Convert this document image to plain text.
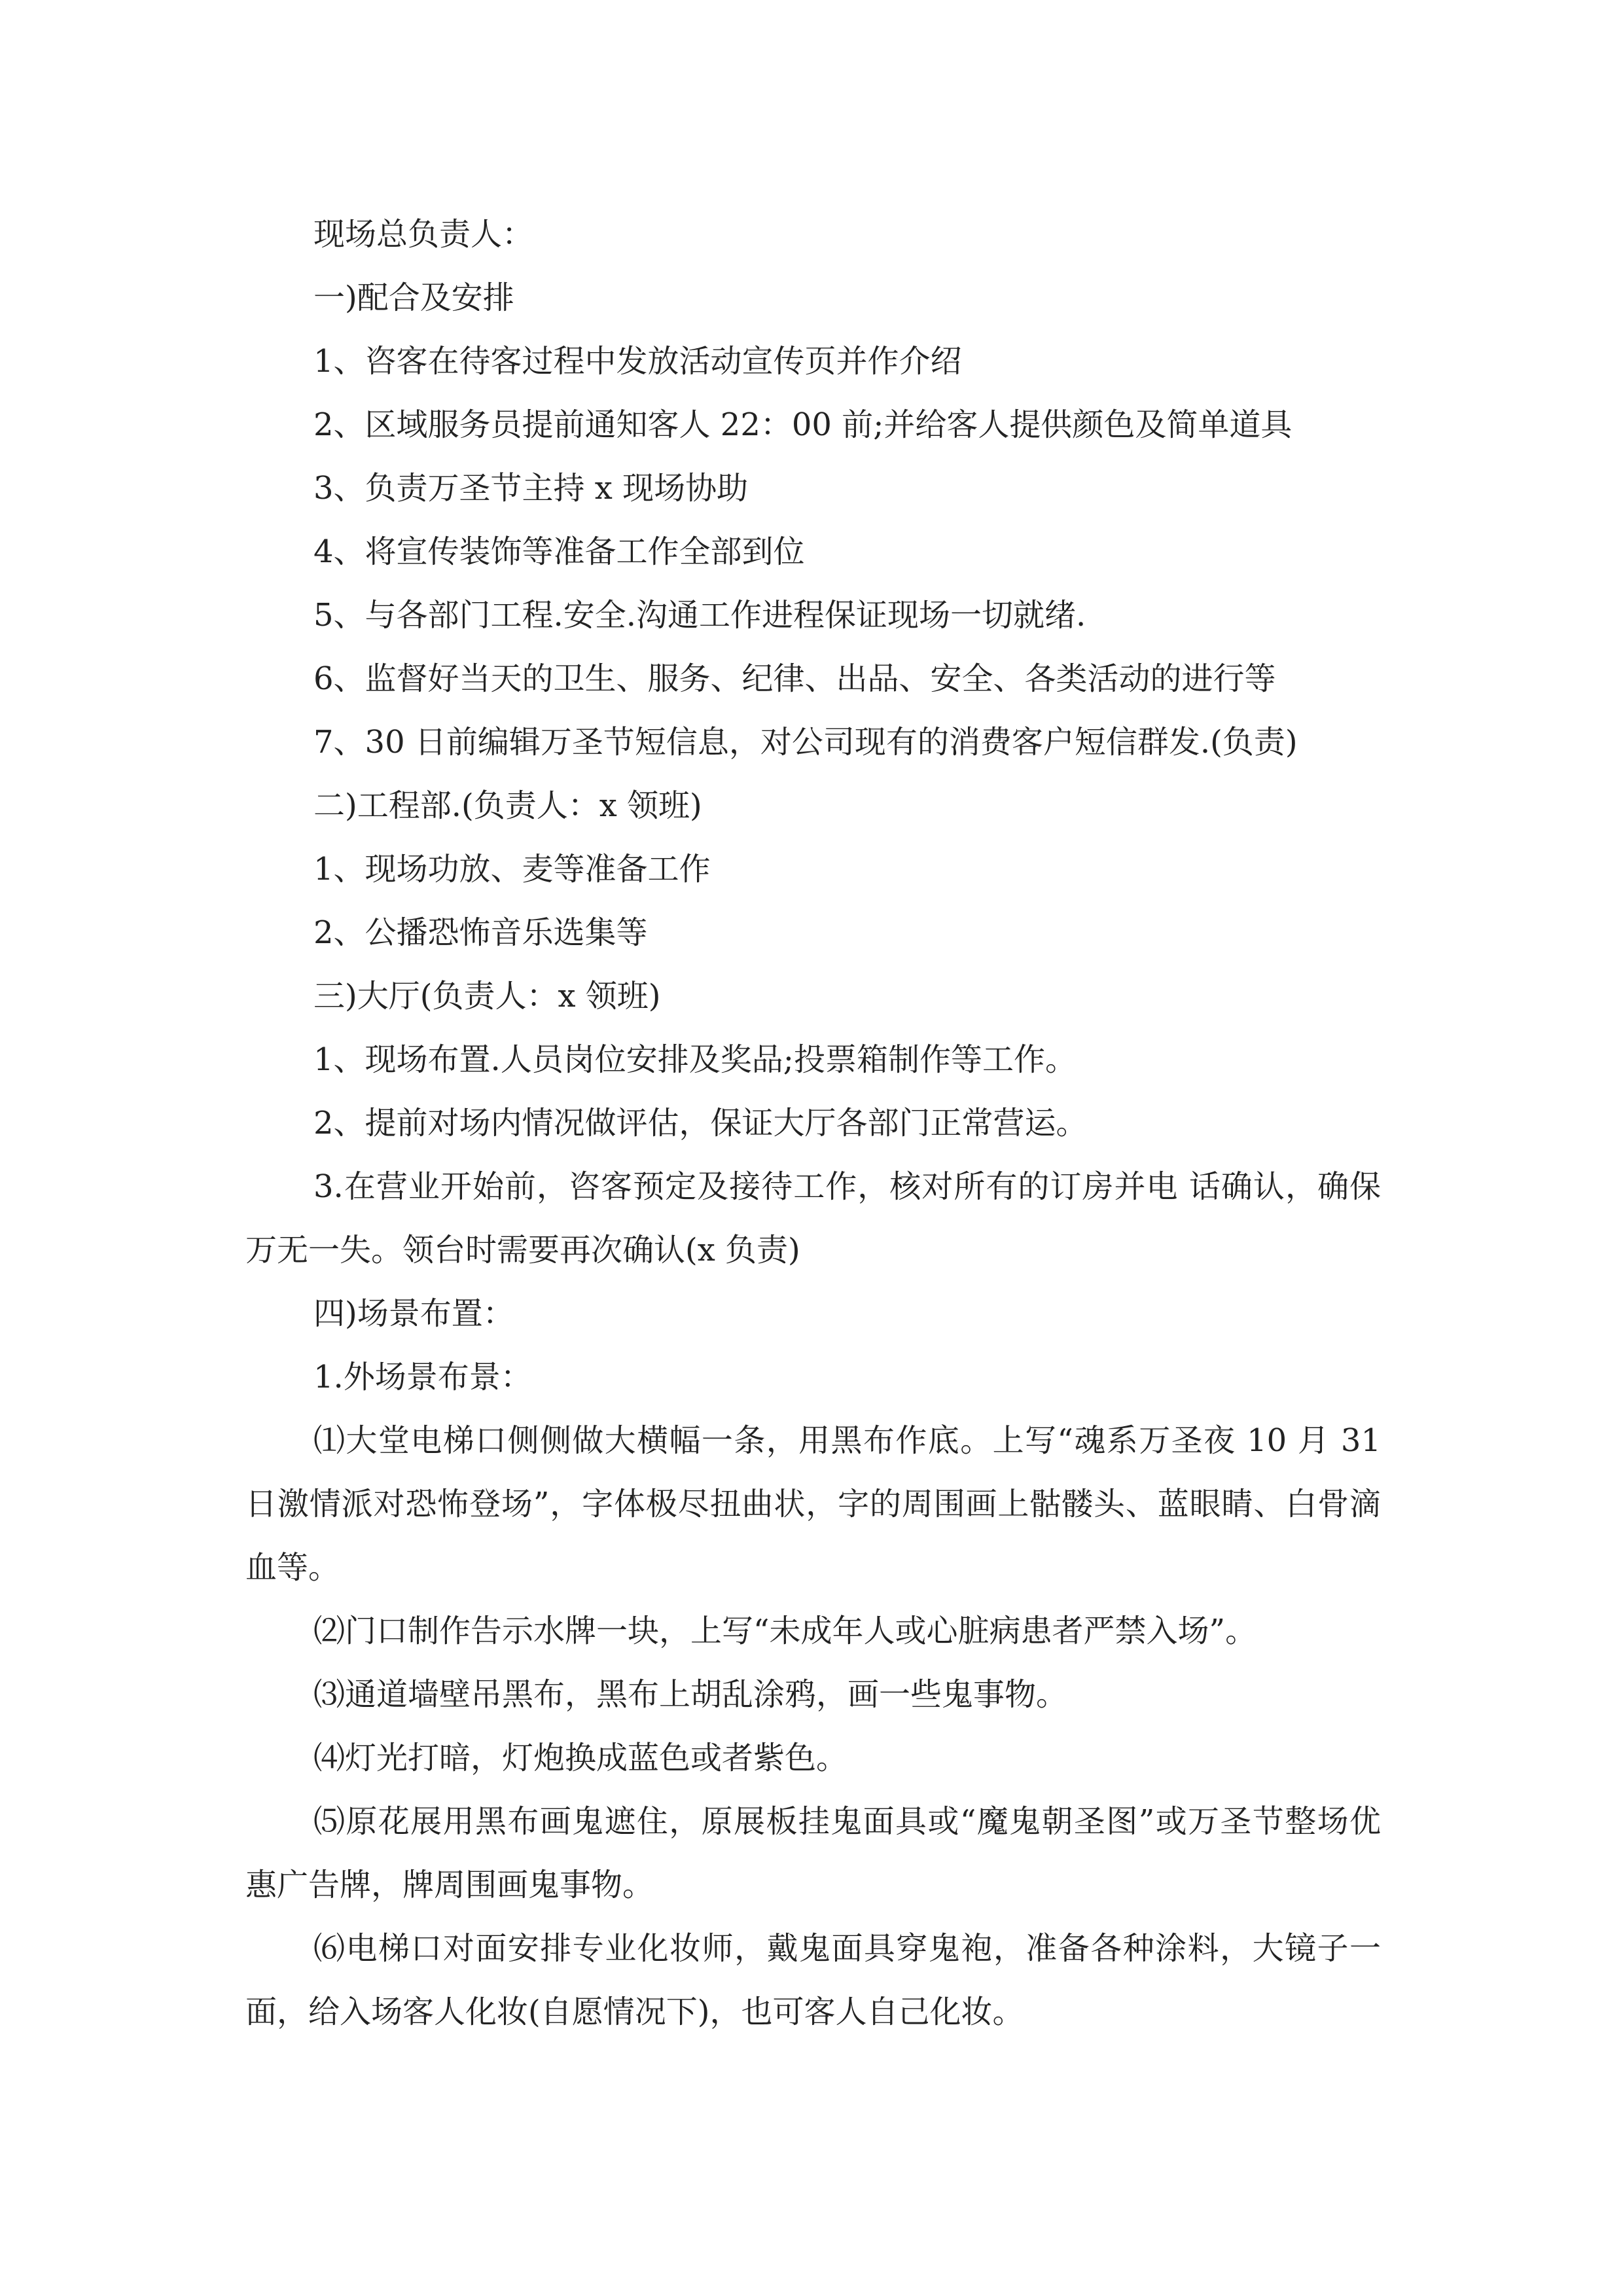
现场总负责人：

一)配合及安排

1、咨客在待客过程中发放活动宣传页并作介绍

2、区域服务员提前通知客人 22：00 前;并给客人提供颜色及简单道具

3、负责万圣节主持 x 现场协助

4、将宣传装饰等准备工作全部到位

5、与各部门工程.安全.沟通工作进程保证现场一切就绪.

6、监督好当天的卫生、服务、纪律、出品、安全、各类活动的进行等

7、30 日前编辑万圣节短信息，对公司现有的消费客户短信群发.(负责)

二)工程部.(负责人：x 领班)

1、现场功放、麦等准备工作

2、公播恐怖音乐选集等

三)大厅(负责人：x 领班)

1、现场布置.人员岗位安排及奖品;投票箱制作等工作。

2、提前对场内情况做评估，保证大厅各部门正常营运。

3.在营业开始前，咨客预定及接待工作，核对所有的订房并电 话确认，确保万无一失。领台时需要再次确认(x 负责)

四)场景布置：

1.外场景布景：

⑴大堂电梯口侧侧做大横幅一条，用黑布作底。上写“魂系万圣夜 10 月 31 日激情派对恐怖登场”，字体极尽扭曲状，字的周围画上骷髅头、蓝眼睛、白骨滴血等。

⑵门口制作告示水牌一块，上写“未成年人或心脏病患者严禁入场”。

⑶通道墙壁吊黑布，黑布上胡乱涂鸦，画一些鬼事物。

⑷灯光打暗，灯炮换成蓝色或者紫色。

⑸原花展用黑布画鬼遮住，原展板挂鬼面具或“魔鬼朝圣图”或万圣节整场优惠广告牌，牌周围画鬼事物。

⑹电梯口对面安排专业化妆师，戴鬼面具穿鬼袍，准备各种涂料，大镜子一面，给入场客人化妆(自愿情况下)，也可客人自己化妆。
